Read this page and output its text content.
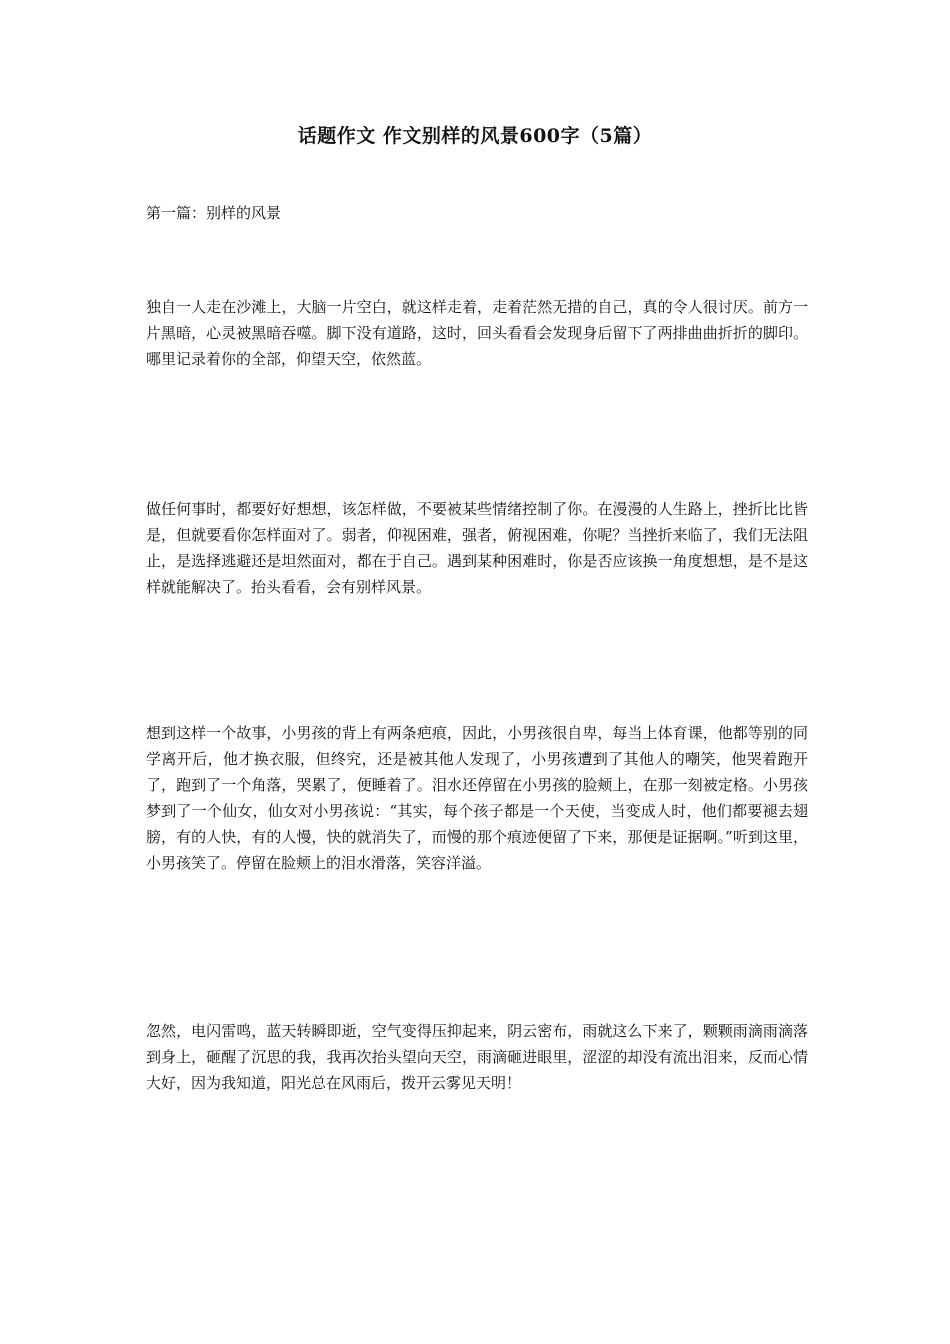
话题作文 作文别样的风景600字（5篇）
第一篇：别样的风景

独自一人走在沙滩上，大脑一片空白，就这样走着，走着茫然无措的自己，真的令人很讨厌。前方一片黑暗，心灵被黑暗吞噬。脚下没有道路，这时，回头看看会发现身后留下了两排曲曲折折的脚印。哪里记录着你的全部，仰望天空，依然蓝。

做任何事时，都要好好想想，该怎样做，不要被某些情绪控制了你。在漫漫的人生路上，挫折比比皆是，但就要看你怎样面对了。弱者，仰视困难，强者，俯视困难，你呢？当挫折来临了，我们无法阻止，是选择逃避还是坦然面对，都在于自己。遇到某种困难时，你是否应该换一角度想想，是不是这样就能解决了。抬头看看，会有别样风景。

想到这样一个故事，小男孩的背上有两条疤痕，因此，小男孩很自卑，每当上体育课，他都等别的同学离开后，他才换衣服，但终究，还是被其他人发现了，小男孩遭到了其他人的嘲笑，他哭着跑开了，跑到了一个角落，哭累了，便睡着了。泪水还停留在小男孩的脸颊上，在那一刻被定格。小男孩梦到了一个仙女，仙女对小男孩说：“其实，每个孩子都是一个天使，当变成人时，他们都要褪去翅膀，有的人快，有的人慢，快的就消失了，而慢的那个痕迹便留了下来，那便是证据啊。”听到这里，小男孩笑了。停留在脸颊上的泪水滑落，笑容洋溢。

忽然，电闪雷鸣，蓝天转瞬即逝，空气变得压抑起来，阴云密布，雨就这么下来了，颗颗雨滴雨滴落到身上，砸醒了沉思的我，我再次抬头望向天空，雨滴砸进眼里，涩涩的却没有流出泪来，反而心情大好，因为我知道，阳光总在风雨后，拨开云雾见天明！
